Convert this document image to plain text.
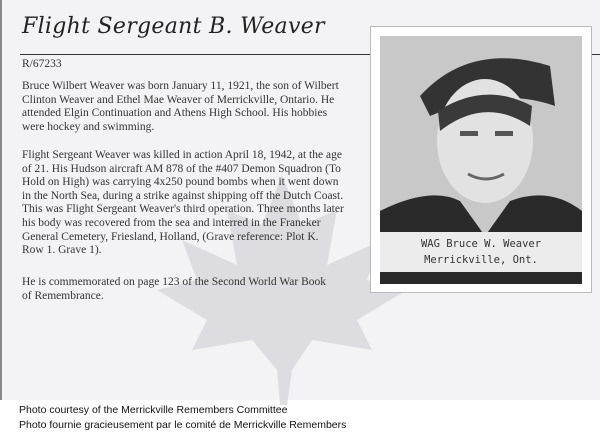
Flight Sergeant B. Weaver
R/67233
Bruce Wilbert Weaver was born January 11, 1921, the son of Wilbert
Clinton Weaver and Ethel Mae Weaver of Merrickville, Ontario. He
attended Elgin Continuation and Athens High School. His hobbies
were hockey and swimming.
Flight Sergeant Weaver was killed in action April 18, 1942, at the age
of 21. His Hudson aircraft AM 878 of the #407 Demon Squadron (To
Hold on High) was carrying 4x250 pound bombs when it went down
in the North Sea, during a strike against shipping off the Dutch Coast.
This was Flight Sergeant Weaver's third operation. Three months later
his body was recovered from the sea and interred in the Franeker
General Cemetery, Friesland, Holland, (Grave reference: Plot K.
Row 1. Grave 1).
He is commemorated on page 123 of the Second World War Book
of Remembrance.
WAG Bruce W. Weaver
Merrickville, Ont.
Photo courtesy of the Merrickville Remembers Committee
Photo fournie gracieusement par le comité de Merrickville Remembers
